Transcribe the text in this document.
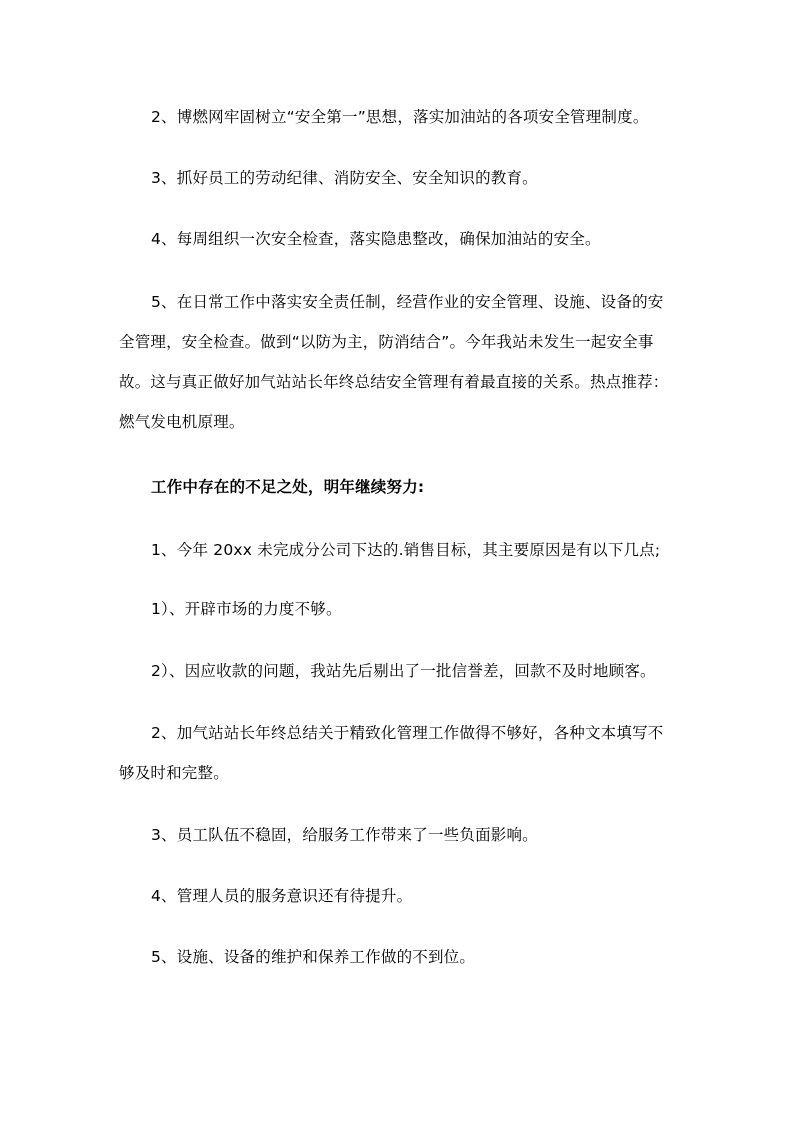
2、博燃网牢固树立“安全第一”思想，落实加油站的各项安全管理制度。

3、抓好员工的劳动纪律、消防安全、安全知识的教育。

4、每周组织一次安全检查，落实隐患整改，确保加油站的安全。

5、在日常工作中落实安全责任制，经营作业的安全管理、设施、设备的安全管理，安全检查。做到“以防为主，防消结合”。今年我站未发生一起安全事故。这与真正做好加气站站长年终总结安全管理有着最直接的关系。热点推荐：燃气发电机原理。

工作中存在的不足之处，明年继续努力:

1、今年 20xx 未完成分公司下达的.销售目标，其主要原因是有以下几点;

1）、开辟市场的力度不够。

2）、因应收款的问题，我站先后剔出了一批信誉差，回款不及时地顾客。

2、加气站站长年终总结关于精致化管理工作做得不够好，各种文本填写不够及时和完整。

3、员工队伍不稳固，给服务工作带来了一些负面影响。

4、管理人员的服务意识还有待提升。

5、设施、设备的维护和保养工作做的不到位。
